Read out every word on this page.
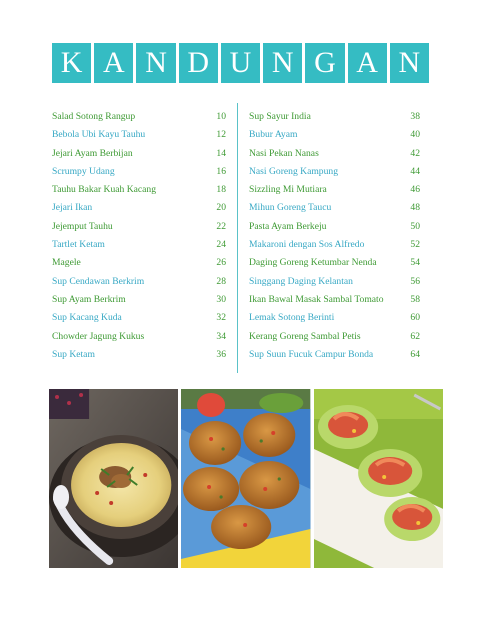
K A N D U N G A N
Salad Sotong Rangup	10
Bebola Ubi Kayu Tauhu	12
Jejari Ayam Berbijan	14
Scrumpy Udang	16
Tauhu Bakar Kuah Kacang	18
Jejari Ikan	20
Jejemput Tauhu	22
Tartlet Ketam	24
Magele	26
Sup Cendawan Berkrim	28
Sup Ayam Berkrim	30
Sup Kacang Kuda	32
Chowder Jagung Kukus	34
Sup Ketam	36
Sup Sayur India	38
Bubur Ayam	40
Nasi Pekan Nanas	42
Nasi Goreng Kampung	44
Sizzling Mi Mutiara	46
Mihun Goreng Taucu	48
Pasta Ayam Berkeju	50
Makaroni dengan Sos Alfredo	52
Daging Goreng Ketumbar Nenda	54
Singgang Daging Kelantan	56
Ikan Bawal Masak Sambal Tomato	58
Lemak Sotong Berinti	60
Kerang Goreng Sambal Petis	62
Sup Suun Fucuk Campur Bonda	64
